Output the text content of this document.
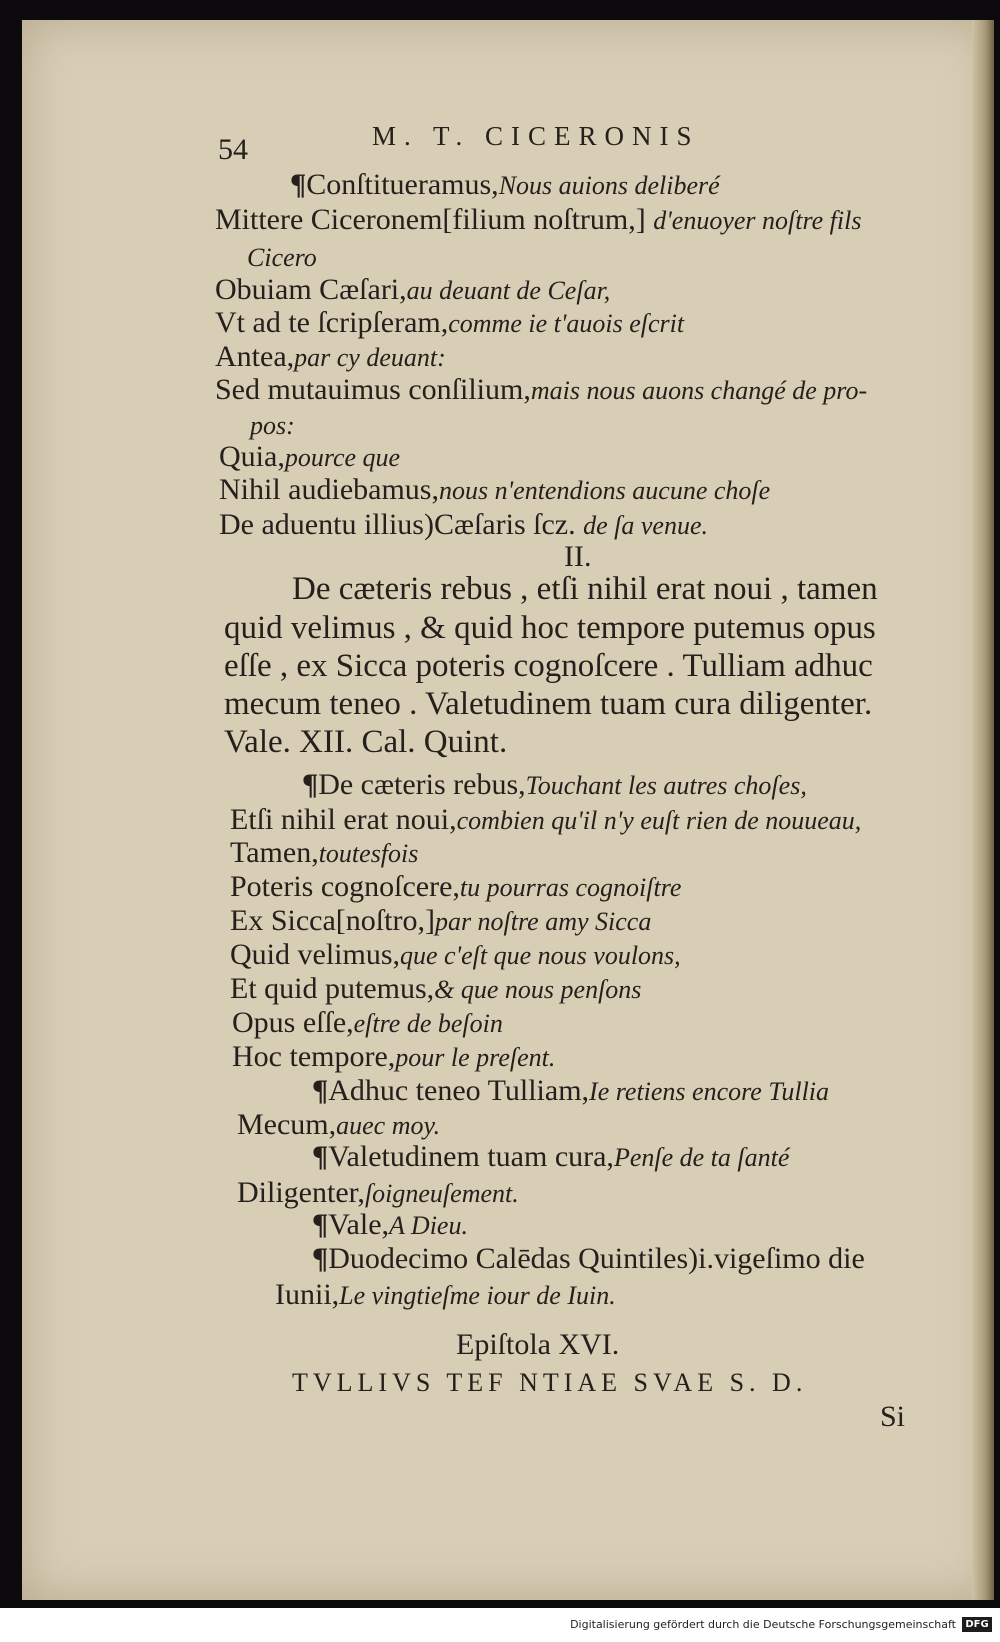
54	M. T. CICERONIS
¶Conſtitueramus,Nous auions deliberé
Mittere Ciceronem[filium noſtrum,] d'enuoyer noſtre fils
Cicero
Obuiam Cæſari,au deuant de Ceſar,
Vt ad te ſcripſeram,comme ie t'auois eſcrit
Antea,par cy deuant:
Sed mutauimus conſilium,mais nous auons changé de pro-
pos:
Quia,pource que
Nihil audiebamus,nous n'entendions aucune choſe
De aduentu illius)Cæſaris ſcz. de ſa venue.
II.
De cæteris rebus , etſi nihil erat noui , tamen
quid velimus , & quid hoc tempore putemus opus
eſſe , ex Sicca poteris cognoſcere . Tulliam adhuc
mecum teneo . Valetudinem tuam cura diligenter.
Vale. XII. Cal. Quint.
¶De cæteris rebus,Touchant les autres choſes,
Etſi nihil erat noui,combien qu'il n'y euſt rien de nouueau,
Tamen,toutesfois
Poteris cognoſcere,tu pourras cognoiſtre
Ex Sicca[noſtro,]par noſtre amy Sicca
Quid velimus,que c'eſt que nous voulons,
Et quid putemus,& que nous penſons
Opus eſſe,eſtre de beſoin
Hoc tempore,pour le preſent.
¶Adhuc teneo Tulliam,Ie retiens encore Tullia
Mecum,auec moy.
¶Valetudinem tuam cura,Penſe de ta ſanté
Diligenter,ſoigneuſement.
¶Vale,A Dieu.
¶Duodecimo Calēdas Quintiles)i.vigeſimo die
Iunii,Le vingtieſme iour de Iuin.
Epiſtola XVI.
TVLLIVS TEF NTIAE SVAE S. D.
Si
Digitalisierung gefördert durch die Deutsche Forschungsgemeinschaft DFG
